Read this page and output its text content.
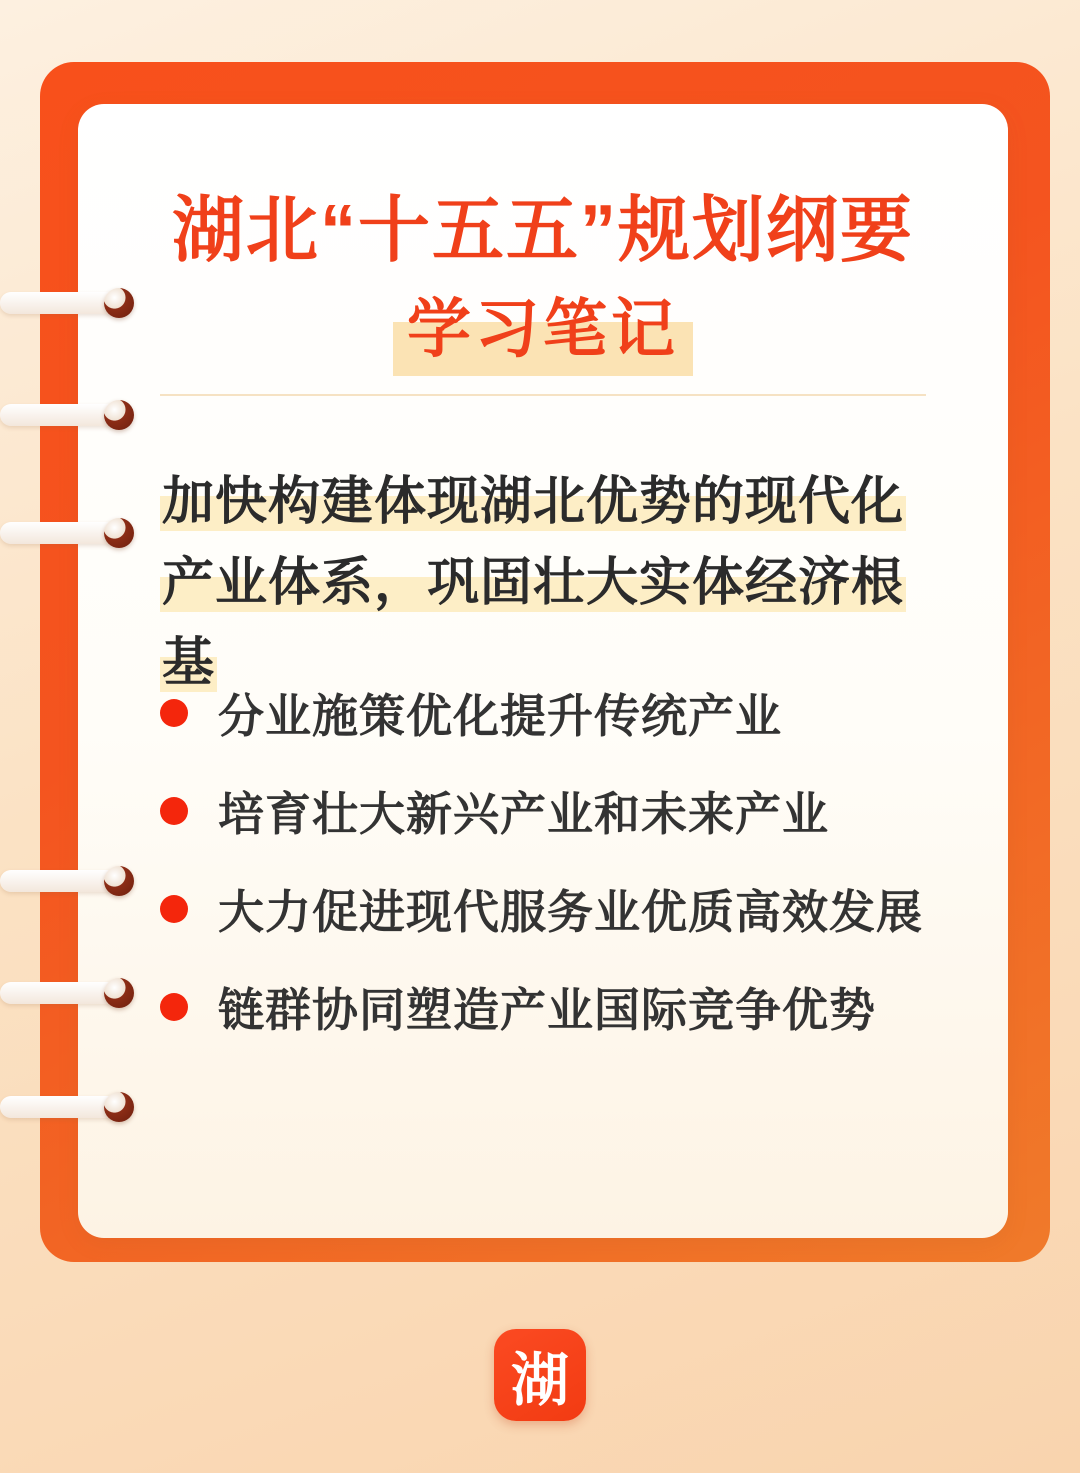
湖北“十五五”规划纲要
学习笔记
加快构建体现湖北优势的现代化产业体系，巩固壮大实体经济根基
分业施策优化提升传统产业
培育壮大新兴产业和未来产业
大力促进现代服务业优质高效发展
链群协同塑造产业国际竞争优势
湖
